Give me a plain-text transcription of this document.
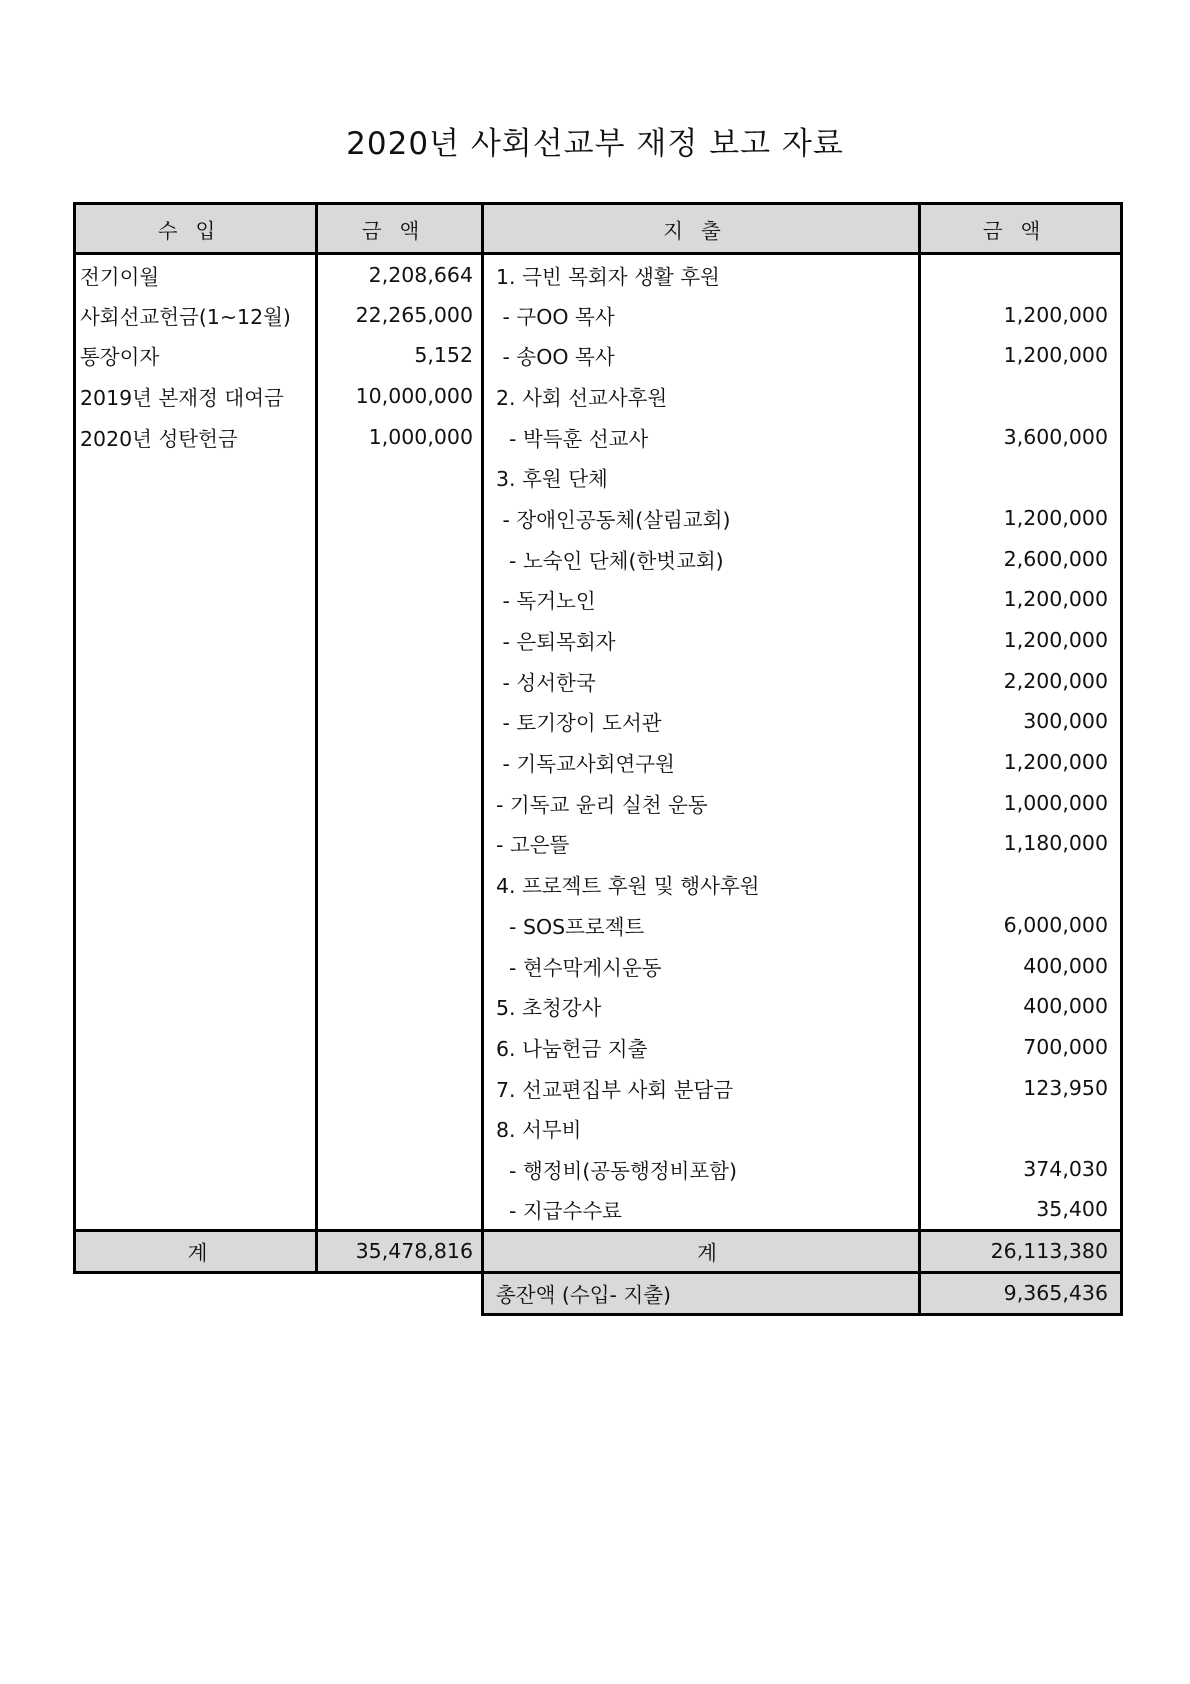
2020년 사회선교부 재정 보고 자료
수입	금액	지출	금액
전기이월	2,208,664	1. 극빈 목회자 생활 후원	
사회선교헌금(1~12월)	22,265,000	- 구OO 목사	1,200,000
통장이자	5,152	- 송OO 목사	1,200,000
2019년 본재정 대여금	10,000,000	2. 사회 선교사후원	
2020년 성탄헌금	1,000,000	- 박득훈 선교사	3,600,000
		3. 후원 단체	
		- 장애인공동체(살림교회)	1,200,000
		- 노숙인 단체(한벗교회)	2,600,000
		- 독거노인	1,200,000
		- 은퇴목회자	1,200,000
		- 성서한국	2,200,000
		- 토기장이 도서관	300,000
		- 기독교사회연구원	1,200,000
		- 기독교 윤리 실천 운동	1,000,000
		- 고은뜰	1,180,000
		4. 프로젝트 후원 및 행사후원	
		- SOS프로젝트	6,000,000
		- 현수막게시운동	400,000
		5. 초청강사	400,000
		6. 나눔헌금 지출	700,000
		7. 선교편집부 사회 분담금	123,950
		8. 서무비	
		- 행정비(공동행정비포함)	374,030
		- 지급수수료	35,400
계	35,478,816	계	26,113,380
		총잔액 (수입- 지출)	9,365,436
